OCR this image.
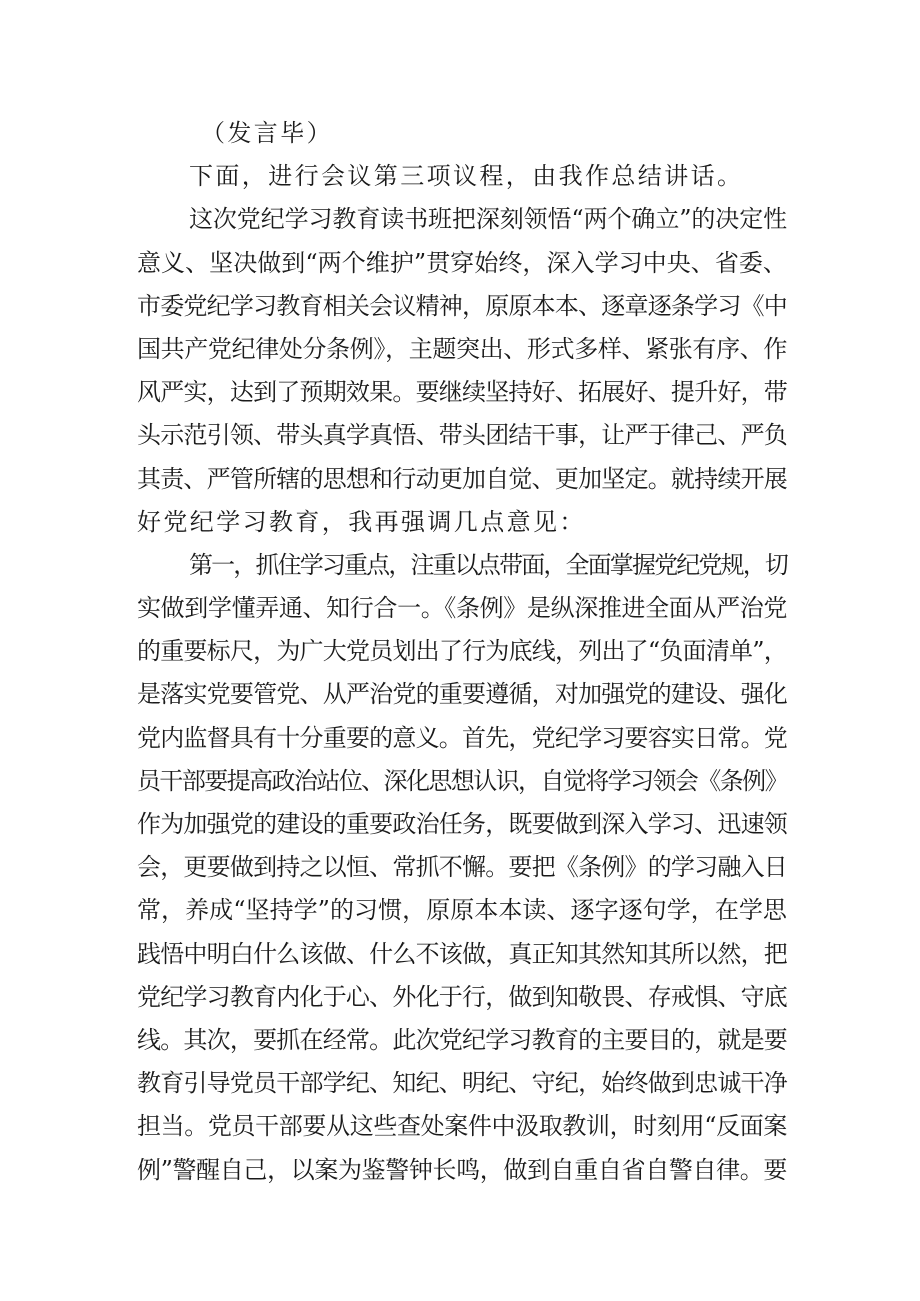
（发言毕）
下面，进行会议第三项议程，由我作总结讲话。
这次党纪学习教育读书班把深刻领悟“两个确立”的决定性
意义、坚决做到“两个维护”贯穿始终，深入学习中央、省委、
市委党纪学习教育相关会议精神，原原本本、逐章逐条学习《中
国共产党纪律处分条例》，主题突出、形式多样、紧张有序、作
风严实，达到了预期效果。要继续坚持好、拓展好、提升好，带
头示范引领、带头真学真悟、带头团结干事，让严于律己、严负
其责、严管所辖的思想和行动更加自觉、更加坚定。就持续开展
好党纪学习教育，我再强调几点意见：
第一，抓住学习重点，注重以点带面，全面掌握党纪党规，切
实做到学懂弄通、知行合一。《条例》是纵深推进全面从严治党
的重要标尺，为广大党员划出了行为底线，列出了“负面清单”，
是落实党要管党、从严治党的重要遵循，对加强党的建设、强化
党内监督具有十分重要的意义。首先，党纪学习要容实日常。党
员干部要提高政治站位、深化思想认识，自觉将学习领会《条例》
作为加强党的建设的重要政治任务，既要做到深入学习、迅速领
会，更要做到持之以恒、常抓不懈。要把《条例》的学习融入日
常，养成“坚持学”的习惯，原原本本读、逐字逐句学，在学思
践悟中明白什么该做、什么不该做，真正知其然知其所以然，把
党纪学习教育内化于心、外化于行，做到知敬畏、存戒惧、守底
线。其次，要抓在经常。此次党纪学习教育的主要目的，就是要
教育引导党员干部学纪、知纪、明纪、守纪，始终做到忠诚干净
担当。党员干部要从这些查处案件中汲取教训，时刻用“反面案
例”警醒自己，以案为鉴警钟长鸣，做到自重自省自警自律。要
